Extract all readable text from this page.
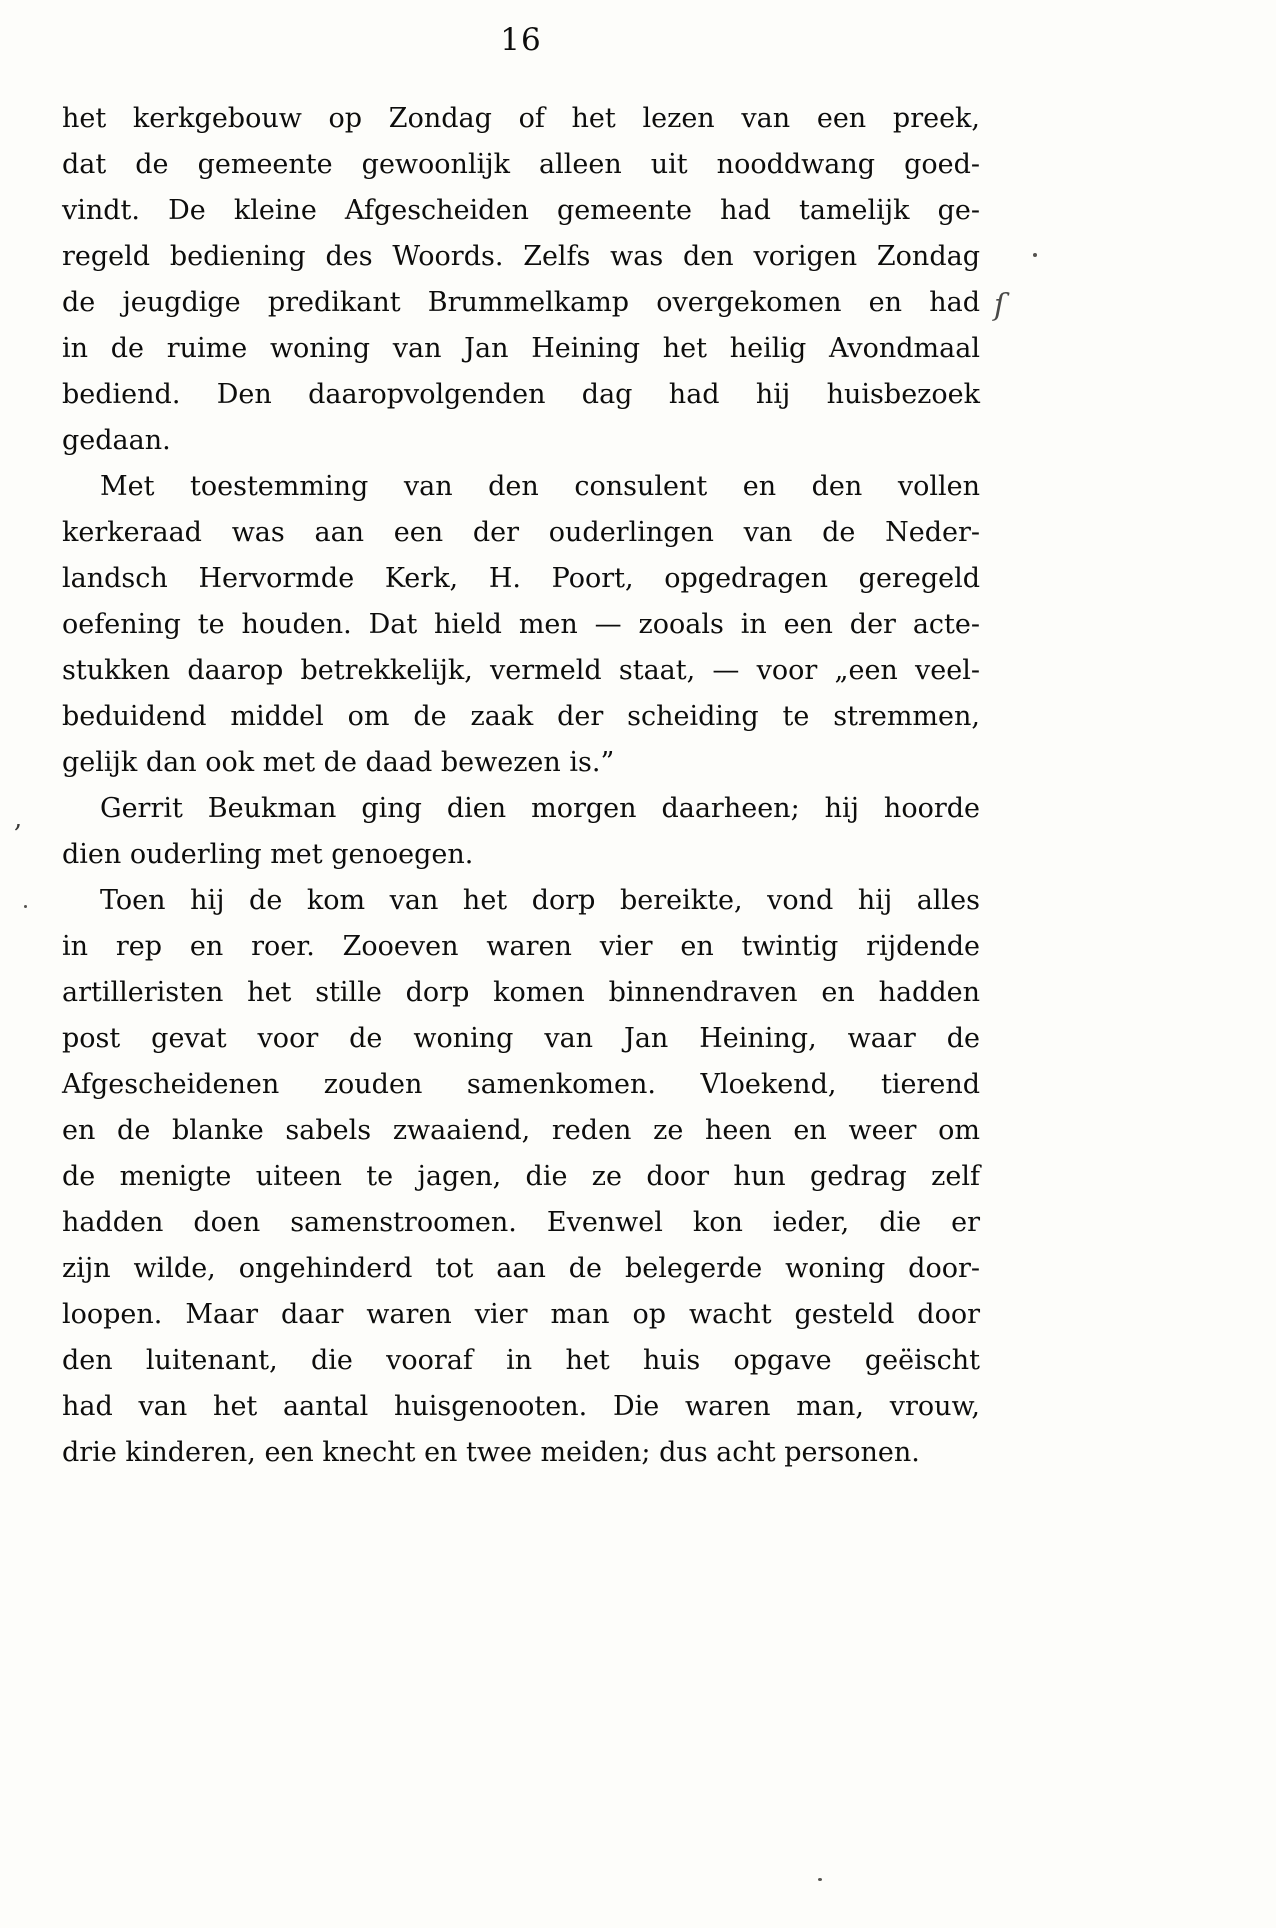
16
het kerkgebouw op Zondag of het lezen van een preek,
dat de gemeente gewoonlijk alleen uit nooddwang goed-
vindt. De kleine Afgescheiden gemeente had tamelijk ge-
regeld bediening des Woords. Zelfs was den vorigen Zondag
de jeugdige predikant Brummelkamp overgekomen en had
in de ruime woning van Jan Heining het heilig Avondmaal
bediend. Den daaropvolgenden dag had hij huisbezoek
gedaan.
Met toestemming van den consulent en den vollen
kerkeraad was aan een der ouderlingen van de Neder-
landsch Hervormde Kerk, H. Poort, opgedragen geregeld
oefening te houden. Dat hield men — zooals in een der acte-
stukken daarop betrekkelijk, vermeld staat, — voor „een veel-
beduidend middel om de zaak der scheiding te stremmen,
gelijk dan ook met de daad bewezen is.”
Gerrit Beukman ging dien morgen daarheen; hij hoorde
dien ouderling met genoegen.
Toen hij de kom van het dorp bereikte, vond hij alles
in rep en roer. Zooeven waren vier en twintig rijdende
artilleristen het stille dorp komen binnendraven en hadden
post gevat voor de woning van Jan Heining, waar de
Afgescheidenen zouden samenkomen. Vloekend, tierend
en de blanke sabels zwaaiend, reden ze heen en weer om
de menigte uiteen te jagen, die ze door hun gedrag zelf
hadden doen samenstroomen. Evenwel kon ieder, die er
zijn wilde, ongehinderd tot aan de belegerde woning door-
loopen. Maar daar waren vier man op wacht gesteld door
den luitenant, die vooraf in het huis opgave geëischt
had van het aantal huisgenooten. Die waren man, vrouw,
drie kinderen, een knecht en twee meiden; dus acht personen.
ſ
,
